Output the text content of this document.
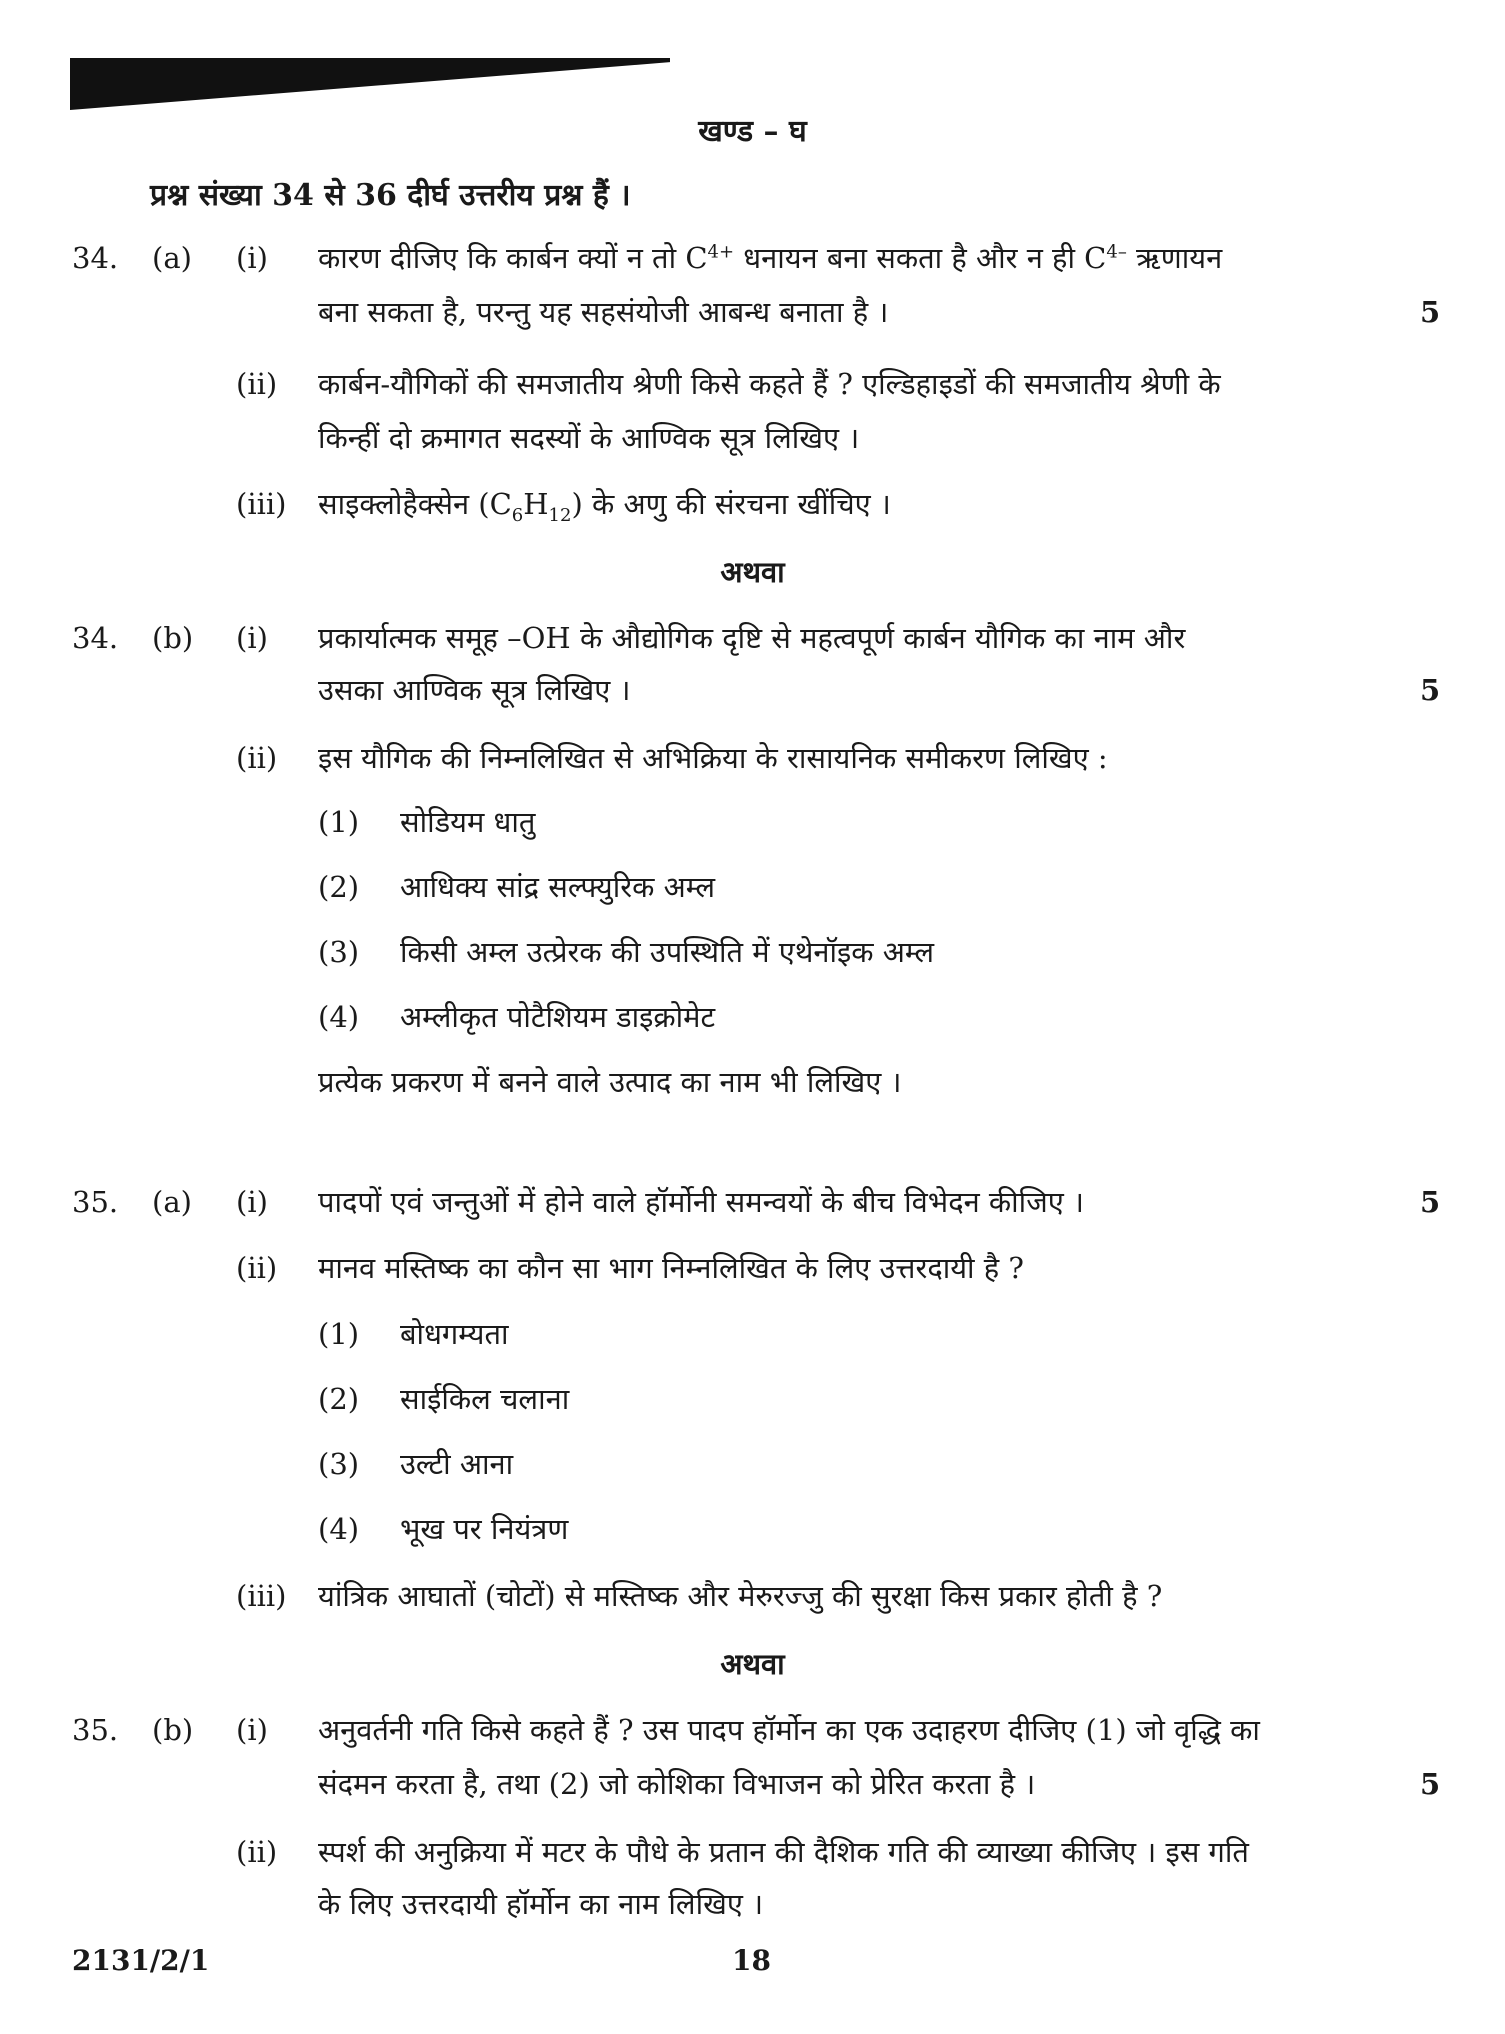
खण्ड – घ
प्रश्न संख्या 34 से 36 दीर्घ उत्तरीय प्रश्न हैं ।
34. (a) (i) कारण दीजिए कि कार्बन क्यों न तो $C^{4+}$ धनायन बना सकता है और न ही $C^{4-}$ ऋणायन
बना सकता है, परन्तु यह सहसंयोजी आबन्ध बनाता है ।	5
(ii) कार्बन-यौगिकों की समजातीय श्रेणी किसे कहते हैं ? एल्डिहाइडों की समजातीय श्रेणी के
किन्हीं दो क्रमागत सदस्यों के आण्विक सूत्र लिखिए ।
(iii) साइक्लोहैक्सेन $(C_6H_{12})$ के अणु की संरचना खींचिए ।
अथवा
34. (b) (i) प्रकार्यात्मक समूह –OH के औद्योगिक दृष्टि से महत्वपूर्ण कार्बन यौगिक का नाम और
उसका आण्विक सूत्र लिखिए ।	5
(ii) इस यौगिक की निम्नलिखित से अभिक्रिया के रासायनिक समीकरण लिखिए :
(1) सोडियम धातु
(2) आधिक्य सांद्र सल्फ्युरिक अम्ल
(3) किसी अम्ल उत्प्रेरक की उपस्थिति में एथेनॉइक अम्ल
(4) अम्लीकृत पोटैशियम डाइक्रोमेट
प्रत्येक प्रकरण में बनने वाले उत्पाद का नाम भी लिखिए ।
35. (a) (i) पादपों एवं जन्तुओं में होने वाले हॉर्मोनी समन्वयों के बीच विभेदन कीजिए ।	5
(ii) मानव मस्तिष्क का कौन सा भाग निम्नलिखित के लिए उत्तरदायी है ?
(1) बोधगम्यता
(2) साईकिल चलाना
(3) उल्टी आना
(4) भूख पर नियंत्रण
(iii) यांत्रिक आघातों (चोटों) से मस्तिष्क और मेरुरज्जु की सुरक्षा किस प्रकार होती है ?
अथवा
35. (b) (i) अनुवर्तनी गति किसे कहते हैं ? उस पादप हॉर्मोन का एक उदाहरण दीजिए (1) जो वृद्धि का
संदमन करता है, तथा (2) जो कोशिका विभाजन को प्रेरित करता है ।	5
(ii) स्पर्श की अनुक्रिया में मटर के पौधे के प्रतान की दैशिक गति की व्याख्या कीजिए । इस गति
के लिए उत्तरदायी हॉर्मोन का नाम लिखिए ।
2131/2/1	18
